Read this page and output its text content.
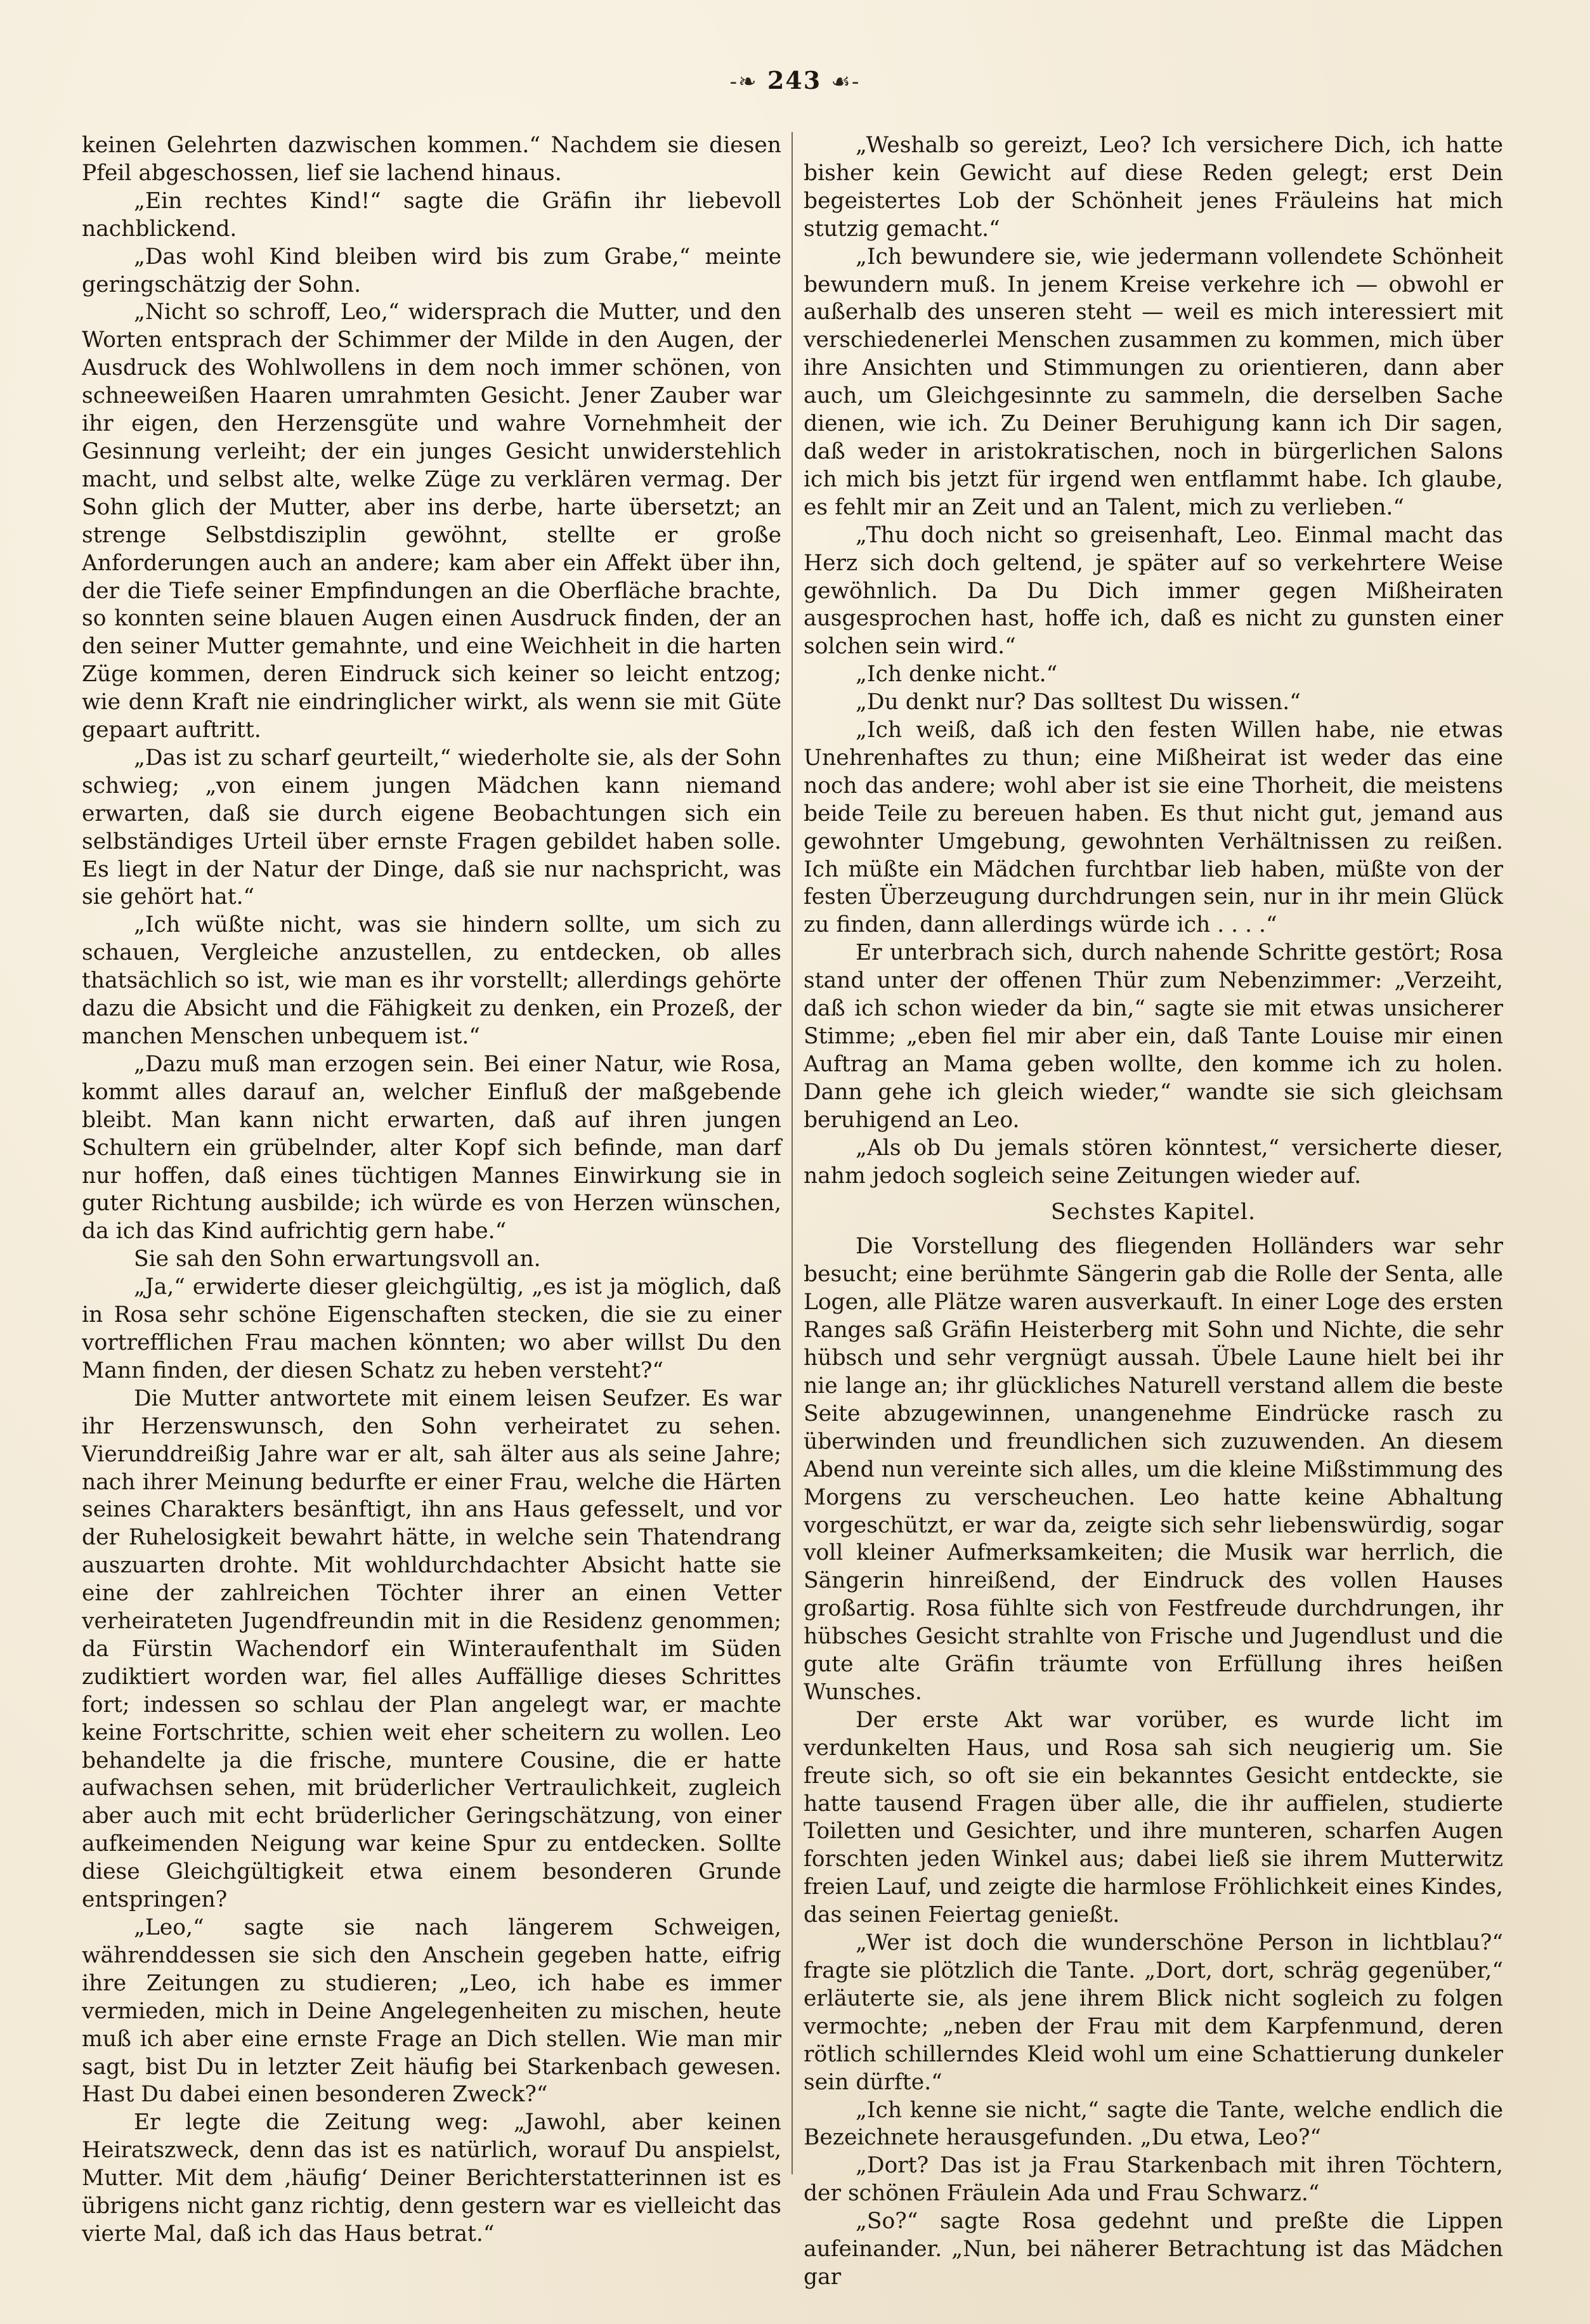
-❧ 243 ☙-

keinen Gelehrten dazwischen kommen.“ Nachdem sie diesen Pfeil abgeschossen, lief sie lachend hinaus.

„Ein rechtes Kind!“ sagte die Gräfin ihr liebevoll nachblickend.

„Das wohl Kind bleiben wird bis zum Grabe,“ meinte geringschätzig der Sohn.

„Nicht so schroff, Leo,“ widersprach die Mutter, und den Worten entsprach der Schimmer der Milde in den Augen, der Ausdruck des Wohlwollens in dem noch immer schönen, von schneeweißen Haaren umrahmten Gesicht. Jener Zauber war ihr eigen, den Herzensgüte und wahre Vornehmheit der Gesinnung verleiht; der ein junges Gesicht unwiderstehlich macht, und selbst alte, welke Züge zu verklären vermag. Der Sohn glich der Mutter, aber ins derbe, harte übersetzt; an strenge Selbstdisziplin gewöhnt, stellte er große Anforderungen auch an andere; kam aber ein Affekt über ihn, der die Tiefe seiner Empfindungen an die Oberfläche brachte, so konnten seine blauen Augen einen Ausdruck finden, der an den seiner Mutter gemahnte, und eine Weichheit in die harten Züge kommen, deren Eindruck sich keiner so leicht entzog; wie denn Kraft nie eindringlicher wirkt, als wenn sie mit Güte gepaart auftritt.

„Das ist zu scharf geurteilt,“ wiederholte sie, als der Sohn schwieg; „von einem jungen Mädchen kann niemand erwarten, daß sie durch eigene Beobachtungen sich ein selbständiges Urteil über ernste Fragen gebildet haben solle. Es liegt in der Natur der Dinge, daß sie nur nachspricht, was sie gehört hat.“

„Ich wüßte nicht, was sie hindern sollte, um sich zu schauen, Vergleiche anzustellen, zu entdecken, ob alles thatsächlich so ist, wie man es ihr vorstellt; allerdings gehörte dazu die Absicht und die Fähigkeit zu denken, ein Prozeß, der manchen Menschen unbequem ist.“

„Dazu muß man erzogen sein. Bei einer Natur, wie Rosa, kommt alles darauf an, welcher Einfluß der maßgebende bleibt. Man kann nicht erwarten, daß auf ihren jungen Schultern ein grübelnder, alter Kopf sich befinde, man darf nur hoffen, daß eines tüchtigen Mannes Einwirkung sie in guter Richtung ausbilde; ich würde es von Herzen wünschen, da ich das Kind aufrichtig gern habe.“

Sie sah den Sohn erwartungsvoll an.

„Ja,“ erwiderte dieser gleichgültig, „es ist ja möglich, daß in Rosa sehr schöne Eigenschaften stecken, die sie zu einer vortrefflichen Frau machen könnten; wo aber willst Du den Mann finden, der diesen Schatz zu heben versteht?“

Die Mutter antwortete mit einem leisen Seufzer. Es war ihr Herzenswunsch, den Sohn verheiratet zu sehen. Vierunddreißig Jahre war er alt, sah älter aus als seine Jahre; nach ihrer Meinung bedurfte er einer Frau, welche die Härten seines Charakters besänftigt, ihn ans Haus gefesselt, und vor der Ruhelosigkeit bewahrt hätte, in welche sein Thatendrang auszuarten drohte. Mit wohldurchdachter Absicht hatte sie eine der zahlreichen Töchter ihrer an einen Vetter verheirateten Jugendfreundin mit in die Residenz genommen; da Fürstin Wachendorf ein Winteraufenthalt im Süden zudiktiert worden war, fiel alles Auffällige dieses Schrittes fort; indessen so schlau der Plan angelegt war, er machte keine Fortschritte, schien weit eher scheitern zu wollen. Leo behandelte ja die frische, muntere Cousine, die er hatte aufwachsen sehen, mit brüderlicher Vertraulichkeit, zugleich aber auch mit echt brüderlicher Geringschätzung, von einer aufkeimenden Neigung war keine Spur zu entdecken. Sollte diese Gleichgültigkeit etwa einem besonderen Grunde entspringen?

„Leo,“ sagte sie nach längerem Schweigen, währenddessen sie sich den Anschein gegeben hatte, eifrig ihre Zeitungen zu studieren; „Leo, ich habe es immer vermieden, mich in Deine Angelegenheiten zu mischen, heute muß ich aber eine ernste Frage an Dich stellen. Wie man mir sagt, bist Du in letzter Zeit häufig bei Starkenbach gewesen. Hast Du dabei einen besonderen Zweck?“

Er legte die Zeitung weg: „Jawohl, aber keinen Heiratszweck, denn das ist es natürlich, worauf Du anspielst, Mutter. Mit dem ‚häufig‘ Deiner Berichterstatterinnen ist es übrigens nicht ganz richtig, denn gestern war es vielleicht das vierte Mal, daß ich das Haus betrat.“

„Weshalb so gereizt, Leo? Ich versichere Dich, ich hatte bisher kein Gewicht auf diese Reden gelegt; erst Dein begeistertes Lob der Schönheit jenes Fräuleins hat mich stutzig gemacht.“

„Ich bewundere sie, wie jedermann vollendete Schönheit bewundern muß. In jenem Kreise verkehre ich — obwohl er außerhalb des unseren steht — weil es mich interessiert mit verschiedenerlei Menschen zusammen zu kommen, mich über ihre Ansichten und Stimmungen zu orientieren, dann aber auch, um Gleichgesinnte zu sammeln, die derselben Sache dienen, wie ich. Zu Deiner Beruhigung kann ich Dir sagen, daß weder in aristokratischen, noch in bürgerlichen Salons ich mich bis jetzt für irgend wen entflammt habe. Ich glaube, es fehlt mir an Zeit und an Talent, mich zu verlieben.“

„Thu doch nicht so greisenhaft, Leo. Einmal macht das Herz sich doch geltend, je später auf so verkehrtere Weise gewöhnlich. Da Du Dich immer gegen Mißheiraten ausgesprochen hast, hoffe ich, daß es nicht zu gunsten einer solchen sein wird.“

„Ich denke nicht.“

„Du denkt nur? Das solltest Du wissen.“

„Ich weiß, daß ich den festen Willen habe, nie etwas Unehrenhaftes zu thun; eine Mißheirat ist weder das eine noch das andere; wohl aber ist sie eine Thorheit, die meistens beide Teile zu bereuen haben. Es thut nicht gut, jemand aus gewohnter Umgebung, gewohnten Verhältnissen zu reißen. Ich müßte ein Mädchen furchtbar lieb haben, müßte von der festen Überzeugung durchdrungen sein, nur in ihr mein Glück zu finden, dann allerdings würde ich . . . .“

Er unterbrach sich, durch nahende Schritte gestört; Rosa stand unter der offenen Thür zum Nebenzimmer: „Verzeiht, daß ich schon wieder da bin,“ sagte sie mit etwas unsicherer Stimme; „eben fiel mir aber ein, daß Tante Louise mir einen Auftrag an Mama geben wollte, den komme ich zu holen. Dann gehe ich gleich wieder,“ wandte sie sich gleichsam beruhigend an Leo.

„Als ob Du jemals stören könntest,“ versicherte dieser, nahm jedoch sogleich seine Zeitungen wieder auf.

Sechstes Kapitel.

Die Vorstellung des fliegenden Holländers war sehr besucht; eine berühmte Sängerin gab die Rolle der Senta, alle Logen, alle Plätze waren ausverkauft. In einer Loge des ersten Ranges saß Gräfin Heisterberg mit Sohn und Nichte, die sehr hübsch und sehr vergnügt aussah. Übele Laune hielt bei ihr nie lange an; ihr glückliches Naturell verstand allem die beste Seite abzugewinnen, unangenehme Eindrücke rasch zu überwinden und freundlichen sich zuzuwenden. An diesem Abend nun vereinte sich alles, um die kleine Mißstimmung des Morgens zu verscheuchen. Leo hatte keine Abhaltung vorgeschützt, er war da, zeigte sich sehr liebenswürdig, sogar voll kleiner Aufmerksamkeiten; die Musik war herrlich, die Sängerin hinreißend, der Eindruck des vollen Hauses großartig. Rosa fühlte sich von Festfreude durchdrungen, ihr hübsches Gesicht strahlte von Frische und Jugendlust und die gute alte Gräfin träumte von Erfüllung ihres heißen Wunsches.

Der erste Akt war vorüber, es wurde licht im verdunkelten Haus, und Rosa sah sich neugierig um. Sie freute sich, so oft sie ein bekanntes Gesicht entdeckte, sie hatte tausend Fragen über alle, die ihr auffielen, studierte Toiletten und Gesichter, und ihre munteren, scharfen Augen forschten jeden Winkel aus; dabei ließ sie ihrem Mutterwitz freien Lauf, und zeigte die harmlose Fröhlichkeit eines Kindes, das seinen Feiertag genießt.

„Wer ist doch die wunderschöne Person in lichtblau?“ fragte sie plötzlich die Tante. „Dort, dort, schräg gegenüber,“ erläuterte sie, als jene ihrem Blick nicht sogleich zu folgen vermochte; „neben der Frau mit dem Karpfenmund, deren rötlich schillerndes Kleid wohl um eine Schattierung dunkeler sein dürfte.“

„Ich kenne sie nicht,“ sagte die Tante, welche endlich die Bezeichnete herausgefunden. „Du etwa, Leo?“

„Dort? Das ist ja Frau Starkenbach mit ihren Töchtern, der schönen Fräulein Ada und Frau Schwarz.“

„So?“ sagte Rosa gedehnt und preßte die Lippen aufeinander. „Nun, bei näherer Betrachtung ist das Mädchen gar
